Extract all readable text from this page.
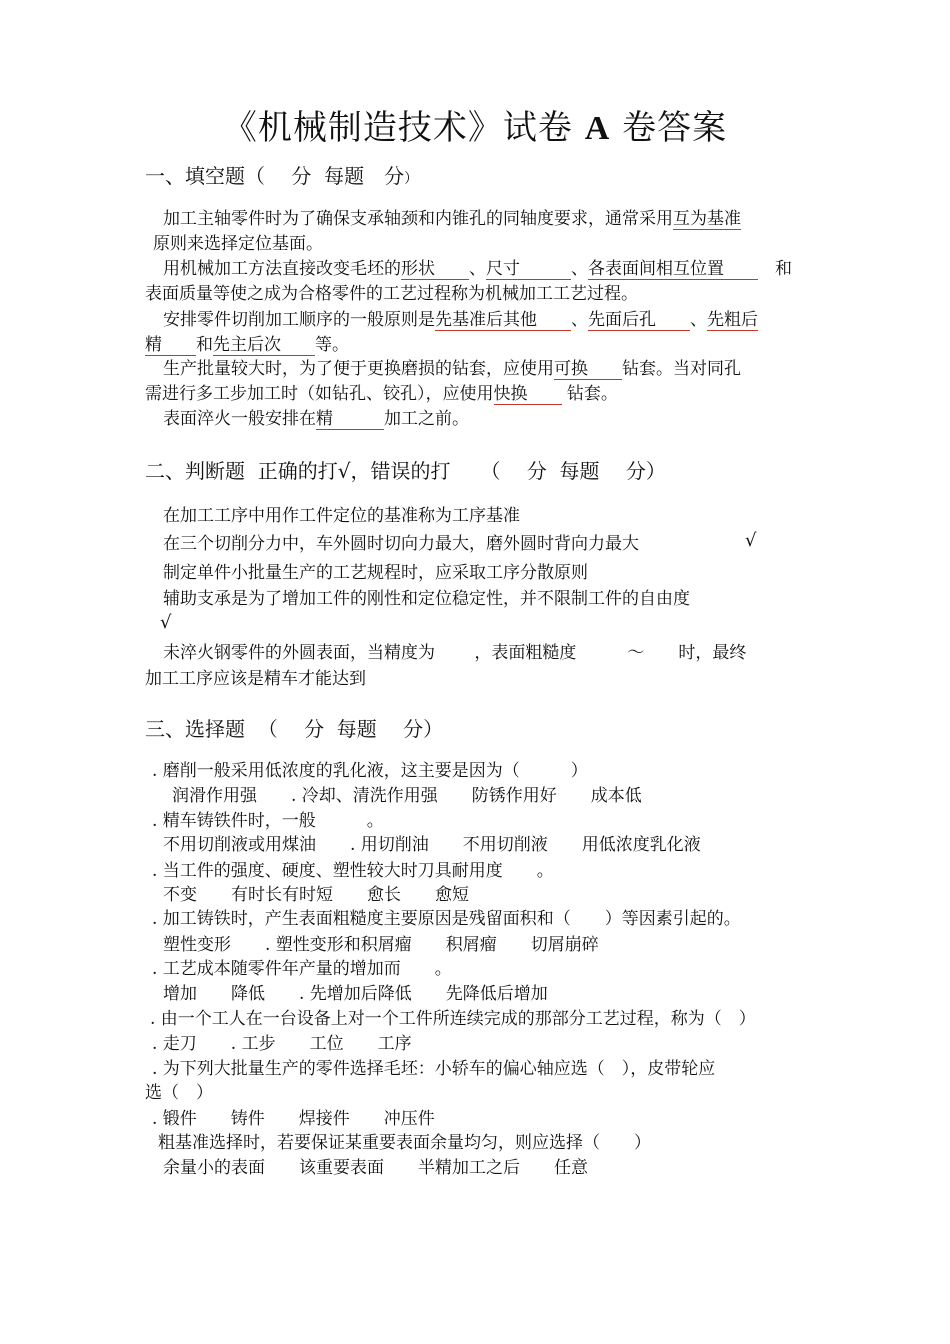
《机械制造技术》试卷 A 卷答案
一、填空题（　 分  每题　分）
加工主轴零件时为了确保支承轴颈和内锥孔的同轴度要求，通常采用互为基准
原则来选择定位基面。
用机械加工方法直接改变毛坯的形状　　、尺寸　　　、各表面间相互位置　　　和
表面质量等使之成为合格零件的工艺过程称为机械加工工艺过程。
安排零件切削加工顺序的一般原则是先基准后其他　　、先面后孔　　、先粗后
精　　和先主后次　　等。
生产批量较大时，为了便于更换磨损的钻套，应使用可换　　钻套。当对同孔
需进行多工步加工时（如钻孔、铰孔），应使用快换　　 钻套。
表面淬火一般安排在精　　　加工之前。
二、判断题  正确的打√，错误的打　　（　 分  每题　 分）
在加工工序中用作工件定位的基准称为工序基准
在三个切削分力中，车外圆时切向力最大，磨外圆时背向力最大	√
制定单件小批量生产的工艺规程时，应采取工序分散原则
辅助支承是为了增加工件的刚性和定位稳定性，并不限制工件的自由度
√
未淬火钢零件的外圆表面，当精度为　　 ，表面粗糙度　　　～　　时，最终
加工工序应该是精车才能达到
三、选择题  （　 分  每题　 分）
. 磨削一般采用低浓度的乳化液，这主要是因为（　　　）
润滑作用强　　. 冷却、清洗作用强　　防锈作用好　　成本低
. 精车铸铁件时，一般　　　。
不用切削液或用煤油　　. 用切削油　　不用切削液　　用低浓度乳化液
. 当工件的强度、硬度、塑性较大时刀具耐用度　　。
不变　　有时长有时短　　愈长　　愈短
. 加工铸铁时，产生表面粗糙度主要原因是残留面积和（　　）等因素引起的。
塑性变形　　. 塑性变形和积屑瘤　　积屑瘤　　切屑崩碎
. 工艺成本随零件年产量的增加而　　。
增加　　降低　　. 先增加后降低　　先降低后增加
. 由一个工人在一台设备上对一个工件所连续完成的那部分工艺过程，称为（　）
. 走刀　　. 工步　　工位　　工序
. 为下列大批量生产的零件选择毛坯：小轿车的偏心轴应选（　），皮带轮应
选（　）
. 锻件　　铸件　　焊接件　　冲压件
粗基准选择时，若要保证某重要表面余量均匀，则应选择（　　）
余量小的表面　　该重要表面　　半精加工之后　　任意
